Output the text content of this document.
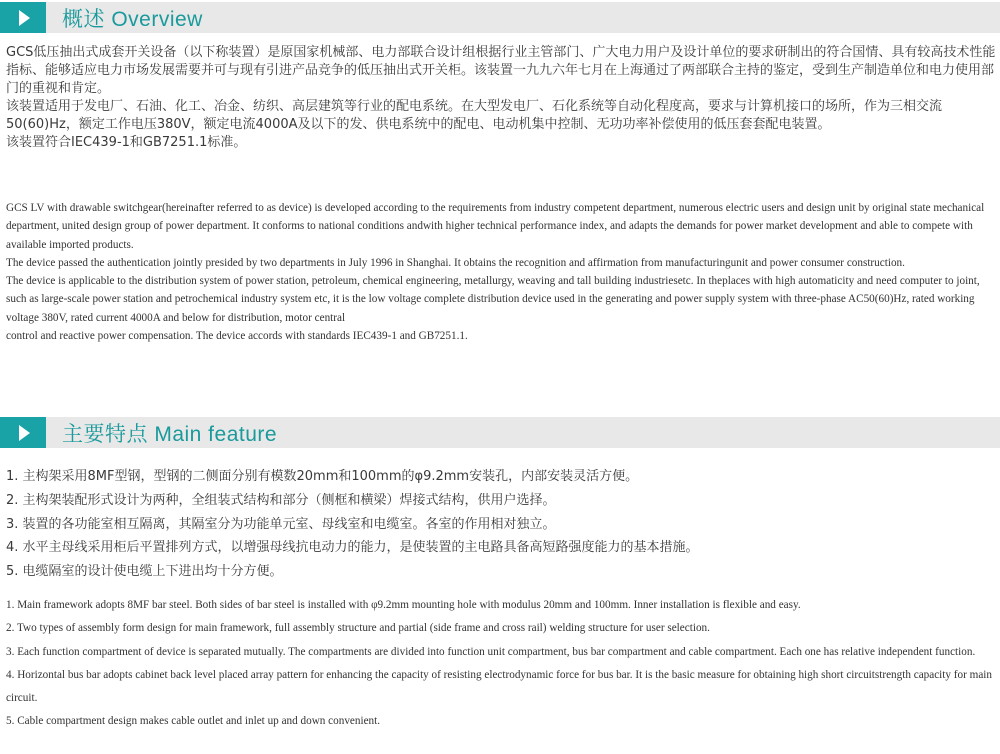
概述 Overview

GCS低压抽出式成套开关设备（以下称装置）是原国家机械部、电力部联合设计组根据行业主管部门、广大电力用户及设计单位的要求研制出的符合国情、具有较高技术性能指标、能够适应电力市场发展需要并可与现有引进产品竞争的低压抽出式开关柜。该装置一九九六年七月在上海通过了两部联合主持的鉴定，受到生产制造单位和电力使用部门的重视和肯定。

该装置适用于发电厂、石油、化工、冶金、纺织、高层建筑等行业的配电系统。在大型发电厂、石化系统等自动化程度高，要求与计算机接口的场所，作为三相交流50(60)Hz，额定工作电压380V，额定电流4000A及以下的发、供电系统中的配电、电动机集中控制、无功功率补偿使用的低压套套配电装置。

该装置符合IEC439-1和GB7251.1标准。

GCS LV with drawable switchgear(hereinafter referred to as device) is developed according to the requirements from industry competent department, numerous electric users and design unit by original state mechanical department, united design group of power department. It conforms to national conditions andwith higher technical performance index, and adapts the demands for power market development and able to compete with available imported products.

The device passed the authentication jointly presided by two departments in July 1996 in Shanghai. It obtains the recognition and affirmation from manufacturingunit and power consumer construction.

The device is applicable to the distribution system of power station, petroleum, chemical engineering, metallurgy, weaving and tall building industriesetc. In theplaces with high automaticity and need computer to joint, such as large-scale power station and petrochemical industry system etc, it is the low voltage complete distribution device used in the generating and power supply system with three-phase AC50(60)Hz, rated working voltage 380V, rated current 4000A and below for distribution, motor central

control and reactive power compensation. The device accords with standards IEC439-1 and GB7251.1.

主要特点 Main feature
1. 主构架采用8MF型钢，型钢的二侧面分别有模数20mm和100mm的φ9.2mm安装孔，内部安装灵活方便。
2. 主构架装配形式设计为两种，全组装式结构和部分（侧框和横梁）焊接式结构，供用户选择。
3. 装置的各功能室相互隔离，其隔室分为功能单元室、母线室和电缆室。各室的作用相对独立。
4. 水平主母线采用柜后平置排列方式，以增强母线抗电动力的能力，是使装置的主电路具备高短路强度能力的基本措施。
5. 电缆隔室的设计使电缆上下进出均十分方便。
1. Main framework adopts 8MF bar steel. Both sides of bar steel is installed with φ9.2mm mounting hole with modulus 20mm and 100mm. Inner installation is flexible and easy.
2. Two types of assembly form design for main framework, full assembly structure and partial (side frame and cross rail) welding structure for user selection.
3. Each function compartment of device is separated mutually. The compartments are divided into function unit compartment, bus bar compartment and cable compartment. Each one has relative independent function.
4. Horizontal bus bar adopts cabinet back level placed array pattern for enhancing the capacity of resisting electrodynamic force for bus bar. It is the basic measure for obtaining high short circuitstrength capacity for main circuit.
5. Cable compartment design makes cable outlet and inlet up and down convenient.
